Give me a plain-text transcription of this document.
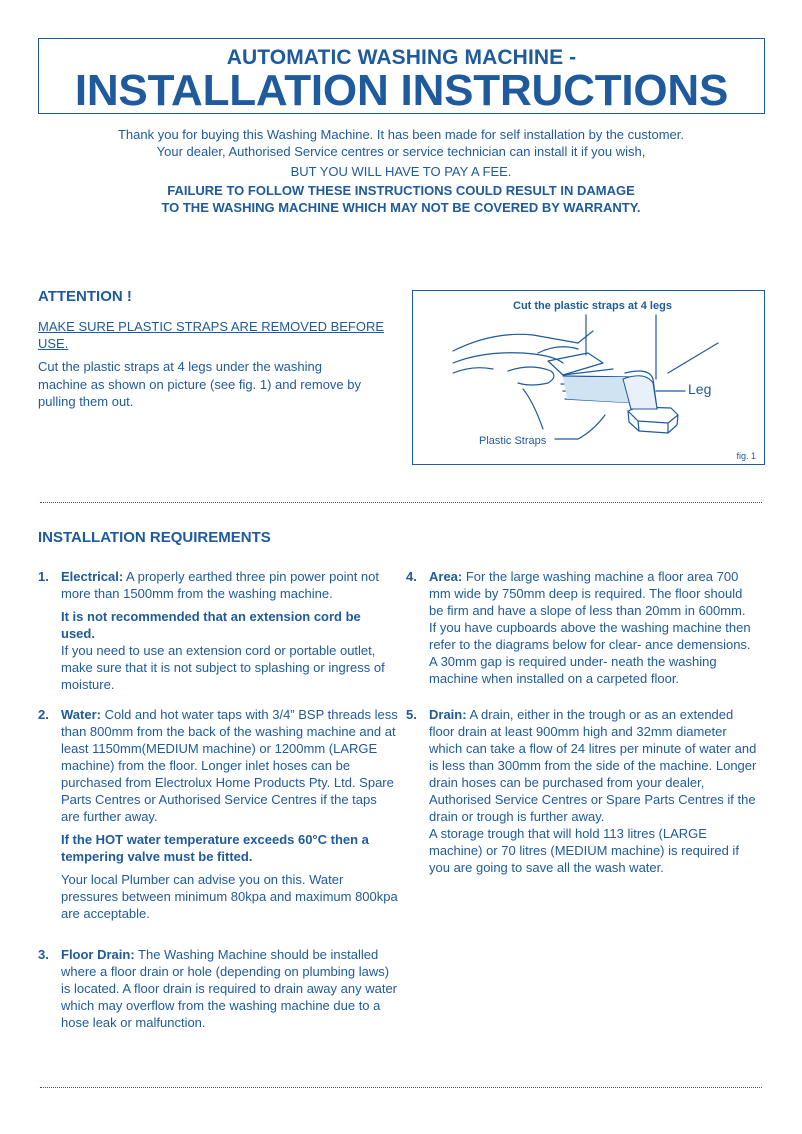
AUTOMATIC WASHING MACHINE -
INSTALLATION INSTRUCTIONS
Thank you for buying this Washing Machine. It has been made for self installation by the customer.
Your dealer, Authorised Service centres or service technician can install it if you wish,
BUT YOU WILL HAVE TO PAY A FEE.
FAILURE TO FOLLOW THESE INSTRUCTIONS COULD RESULT IN DAMAGE
TO THE WASHING MACHINE WHICH MAY NOT BE COVERED BY WARRANTY.
ATTENTION !
MAKE SURE PLASTIC STRAPS ARE REMOVED BEFORE USE.
Cut the plastic straps at 4 legs under the washing machine as shown on picture (see fig. 1) and remove by pulling them out.
Cut the plastic straps at 4 legs
Leg
Plastic Straps
fig. 1
INSTALLATION REQUIREMENTS
1. Electrical: A properly earthed three pin power point not more than 1500mm from the washing machine.

It is not recommended that an extension cord be used.

If you need to use an extension cord or portable outlet, make sure that it is not subject to splashing or ingress of moisture.

2. Water: Cold and hot water taps with 3/4” BSP threads less than 800mm from the back of the washing machine and at least 1150mm(MEDIUM machine) or 1200mm (LARGE machine) from the floor. Longer inlet hoses can be purchased from Electrolux Home Products Pty. Ltd. Spare Parts Centres or Authorised Service Centres if the taps are further away.

If the HOT water temperature exceeds 60°C then a tempering valve must be fitted.

Your local Plumber can advise you on this. Water pressures between minimum 80kpa and maximum 800kpa are acceptable.

3. Floor Drain: The Washing Machine should be installed where a floor drain or hole (depending on plumbing laws) is located. A floor drain is required to drain away any water which may overflow from the washing machine due to a hose leak or malfunction.

4. Area: For the large washing machine a floor area 700 mm wide by 750mm deep is required. The floor should be firm and have a slope of less than 20mm in 600mm. If you have cupboards above the washing machine then refer to the diagrams below for clear- ance demensions. A 30mm gap is required under- neath the washing machine when installed on a carpeted floor.

5. Drain: A drain, either in the trough or as an extended floor drain at least 900mm high and 32mm diameter which can take a flow of 24 litres per minute of water and is less than 300mm from the side of the machine. Longer drain hoses can be purchased from your dealer, Authorised Service Centres or Spare Parts Centres if the drain or trough is further away.

A storage trough that will hold 113 litres (LARGE machine) or 70 litres (MEDIUM machine) is required if you are going to save all the wash water.
